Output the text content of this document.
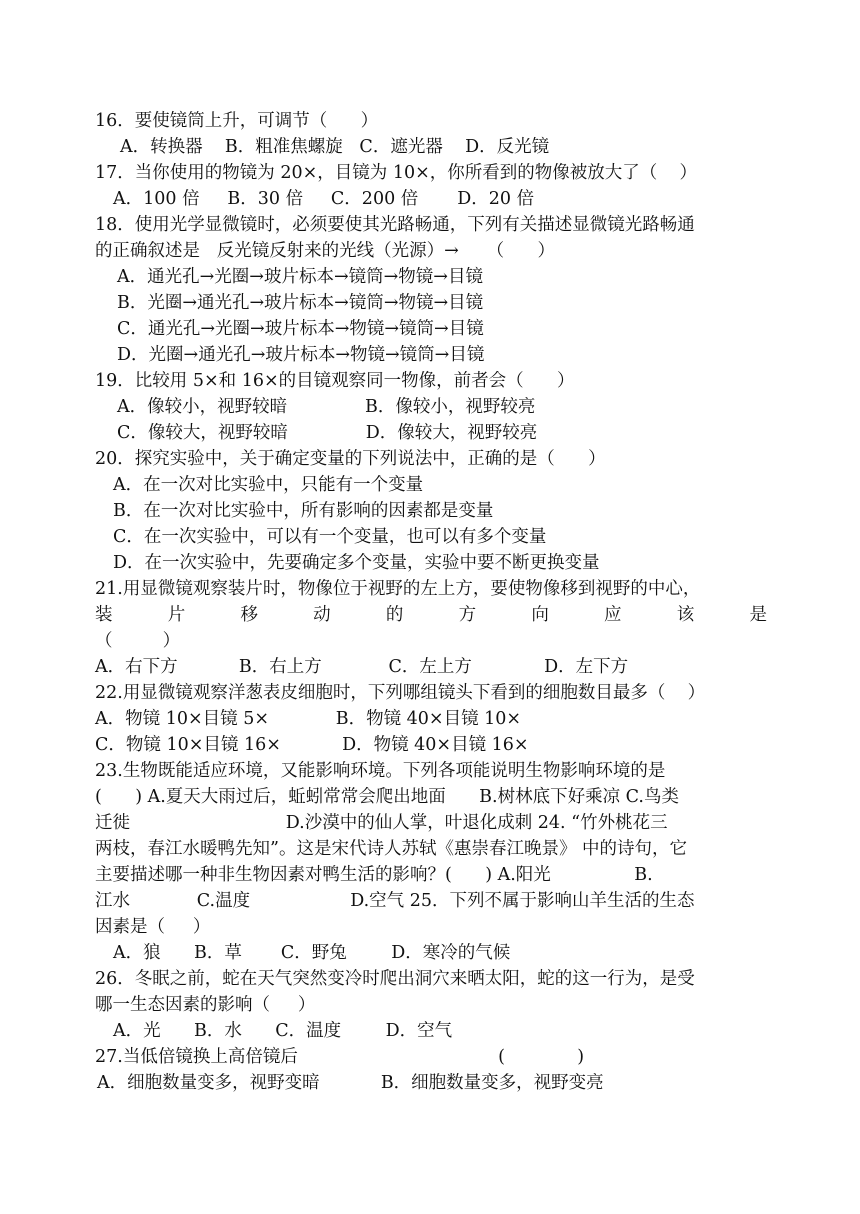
16．要使镜筒上升，可调节（      ）
A．转换器    B．粗准焦螺旋   C．遮光器    D．反光镜
17．当你使用的物镜为 20×，目镜为 10×，你所看到的物像被放大了（    ）
A．100 倍     B．30 倍     C．200 倍       D．20 倍
18．使用光学显微镜时，必须要使其光路畅通，下列有关描述显微镜光路畅通
的正确叙述是   反光镜反射来的光线（光源）→     （      ）
A．通光孔→光圈→玻片标本→镜筒→物镜→目镜
B．光圈→通光孔→玻片标本→镜筒→物镜→目镜
C．通光孔→光圈→玻片标本→物镜→镜筒→目镜
D．光圈→通光孔→玻片标本→物镜→镜筒→目镜
19．比较用 5×和 16×的目镜观察同一物像，前者会（      ）
A．像较小，视野较暗              B．像较小，视野较亮
C．像较大，视野较暗              D．像较大，视野较亮
20．探究实验中，关于确定变量的下列说法中，正确的是（      ）
A．在一次对比实验中，只能有一个变量
B．在一次对比实验中，所有影响的因素都是变量
C．在一次实验中，可以有一个变量，也可以有多个变量
D．在一次实验中，先要确定多个变量，实验中要不断更换变量
21.用显微镜观察装片时，物像位于视野的左上方，要使物像移到视野的中心，
装	片	移	动	的	方	向	应	该	是
（         ）
A．右下方           B．右上方            C．左上方             D．左下方
22.用显微镜观察洋葱表皮细胞时，下列哪组镜头下看到的细胞数目最多（    ）
A．物镜 10×目镜 5×            B．物镜 40×目镜 10×
C．物镜 10×目镜 16×           D．物镜 40×目镜 16×
23.生物既能适应环境，又能影响环境。下列各项能说明生物影响环境的是
(      ) A.夏天大雨过后，蚯蚓常常会爬出地面      B.树林底下好乘凉 C.鸟类
迁徙                            D.沙漠中的仙人掌，叶退化成刺 24. “竹外桃花三
两枝，春江水暖鸭先知”。这是宋代诗人苏轼《惠崇春江晚景》 中的诗句，它
主要描述哪一种非生物因素对鸭生活的影响？(      ) A.阳光               B.
江水            C.温度                  D.空气 25．下列不属于影响山羊生活的生态
因素是（     ）
A．狼      B．草       C．野兔        D．寒冷的气候
26．冬眠之前，蛇在天气突然变冷时爬出洞穴来晒太阳，蛇的这一行为，是受
哪一生态因素的影响（     ）
A．光      B．水      C．温度        D．空气
27.当低倍镜换上高倍镜后                                    (             )
A．细胞数量变多，视野变暗           B．细胞数量变多，视野变亮
